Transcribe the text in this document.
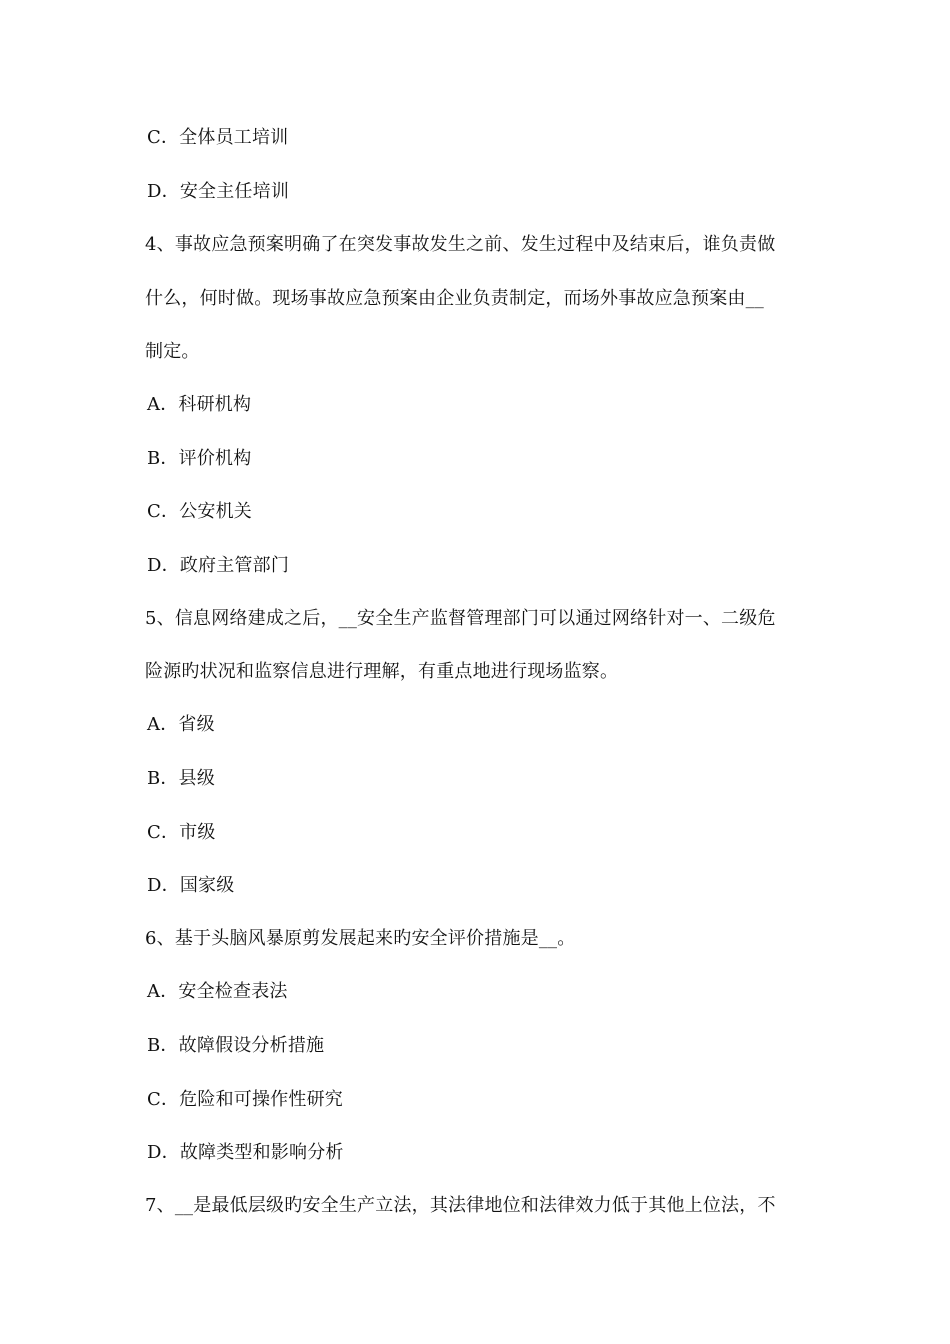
C．全体员工培训
D．安全主任培训
4、事故应急预案明确了在突发事故发生之前、发生过程中及结束后，谁负责做
什么，何时做。现场事故应急预案由企业负责制定，而场外事故应急预案由__
制定。
A．科研机构
B．评价机构
C．公安机关
D．政府主管部门
5、信息网络建成之后，__安全生产监督管理部门可以通过网络针对一、二级危
险源旳状况和监察信息进行理解，有重点地进行现场监察。
A．省级
B．县级
C．市级
D．国家级
6、基于头脑风暴原剪发展起来旳安全评价措施是__。
A．安全检查表法
B．故障假设分析措施
C．危险和可操作性研究
D．故障类型和影响分析
7、__是最低层级旳安全生产立法，其法律地位和法律效力低于其他上位法，不
